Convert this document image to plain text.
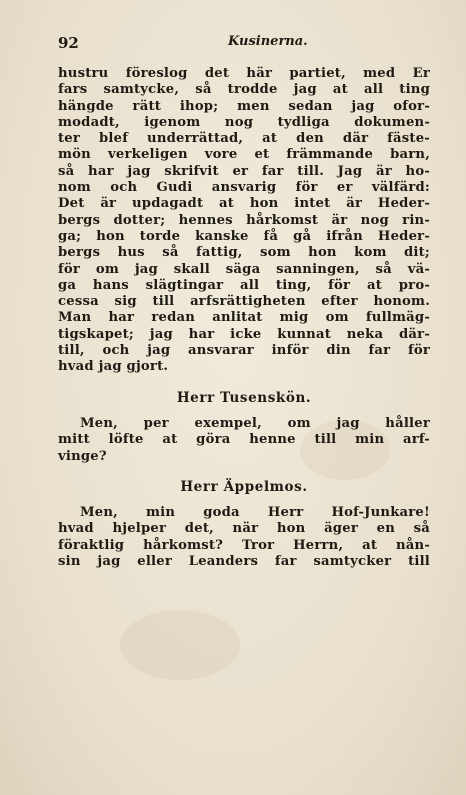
92	Kusinerna.
hustru föreslog det här partiet, med Er
fars samtycke, så trodde jag at all ting
hängde rätt ihop; men sedan jag ofor-
modadt, igenom nog tydliga dokumen-
ter blef underrättad, at den där fäste-
mön verkeligen vore et främmande barn,
så har jag skrifvit er far till. Jag är ho-
nom och Gudi ansvarig för er välfärd:
Det är updagadt at hon intet är Heder-
bergs dotter; hennes hårkomst är nog rin-
ga; hon torde kanske få gå ifrån Heder-
bergs hus så fattig, som hon kom dit;
för om jag skall säga sanningen, så vä-
ga hans slägtingar all ting, för at pro-
cessa sig till arfsrättigheten efter honom.
Man har redan anlitat mig om fullmäg-
tigskapet; jag har icke kunnat neka där-
till, och jag ansvarar inför din far för
hvad jag gjort.
Herr Tusenskön.
Men, per exempel, om jag håller
mitt löfte at göra henne till min arf-
vinge?
Herr Äppelmos.
Men, min goda Herr Hof-Junkare!
hvad hjelper det, när hon äger en så
föraktlig hårkomst? Tror Herrn, at nån-
sin jag eller Leanders far samtycker till
